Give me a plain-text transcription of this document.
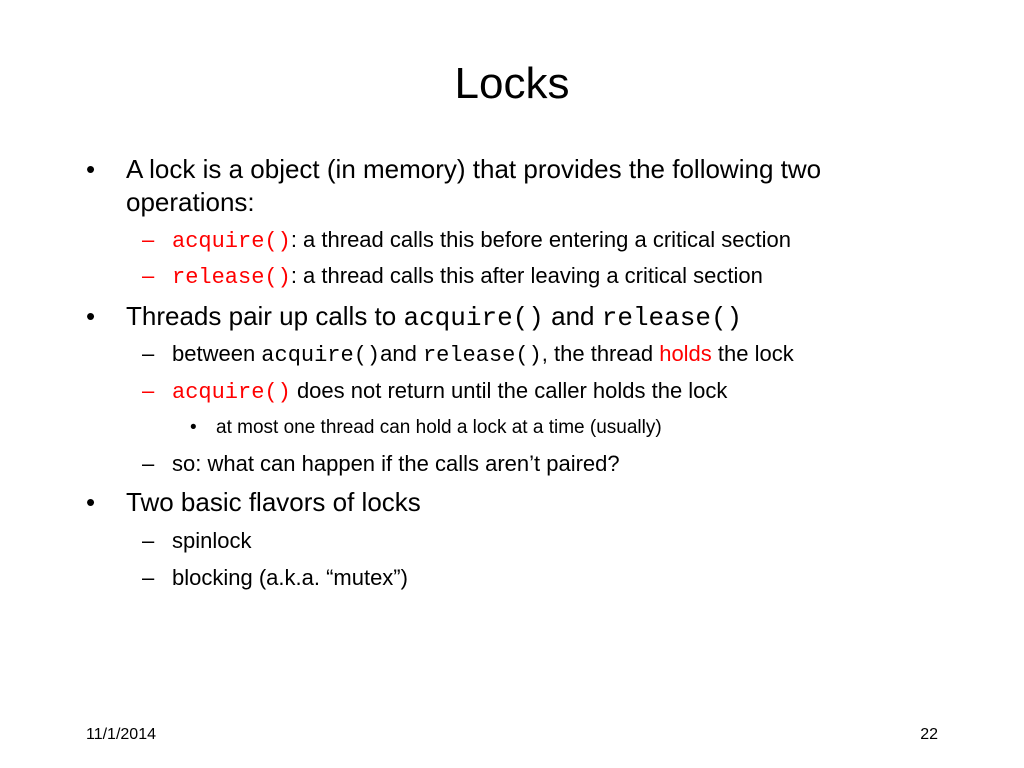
Locks
• A lock is a object (in memory) that provides the following two
operations:
– acquire(): a thread calls this before entering a critical section
– release(): a thread calls this after leaving a critical section
• Threads pair up calls to acquire() and release()
– between acquire()and release(), the thread holds the lock
– acquire() does not return until the caller holds the lock
• at most one thread can hold a lock at a time (usually)
– so: what can happen if the calls aren’t paired?
• Two basic flavors of locks
– spinlock
– blocking (a.k.a. “mutex”)
11/1/2014	22
